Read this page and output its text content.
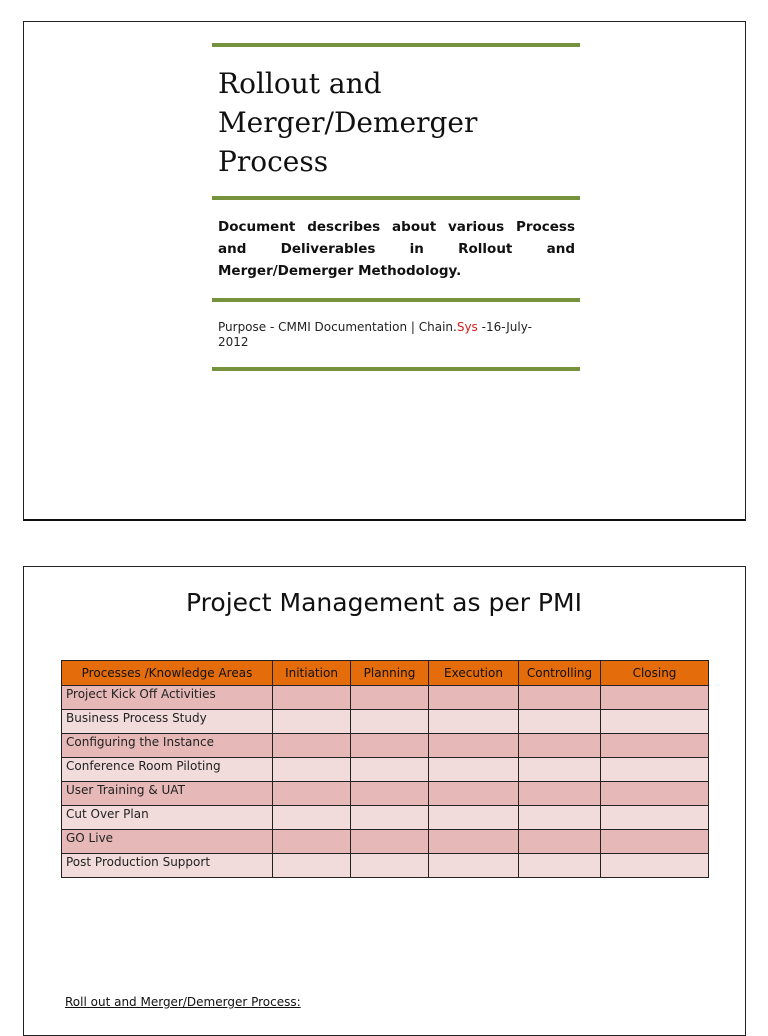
Rollout and
Merger/Demerger
Process
Document describes about various Process and Deliverables in Rollout and Merger/Demerger Methodology.
Purpose - CMMI Documentation | Chain.Sys -16-July-
2012
Project Management as per PMI
Processes /Knowledge Areas	Initiation	Planning	Execution	Controlling	Closing
Project Kick Off Activities					
Business Process Study					
Configuring the Instance					
Conference Room Piloting					
User Training & UAT					
Cut Over Plan					
GO Live					
Post Production Support					
Roll out and Merger/Demerger Process:
